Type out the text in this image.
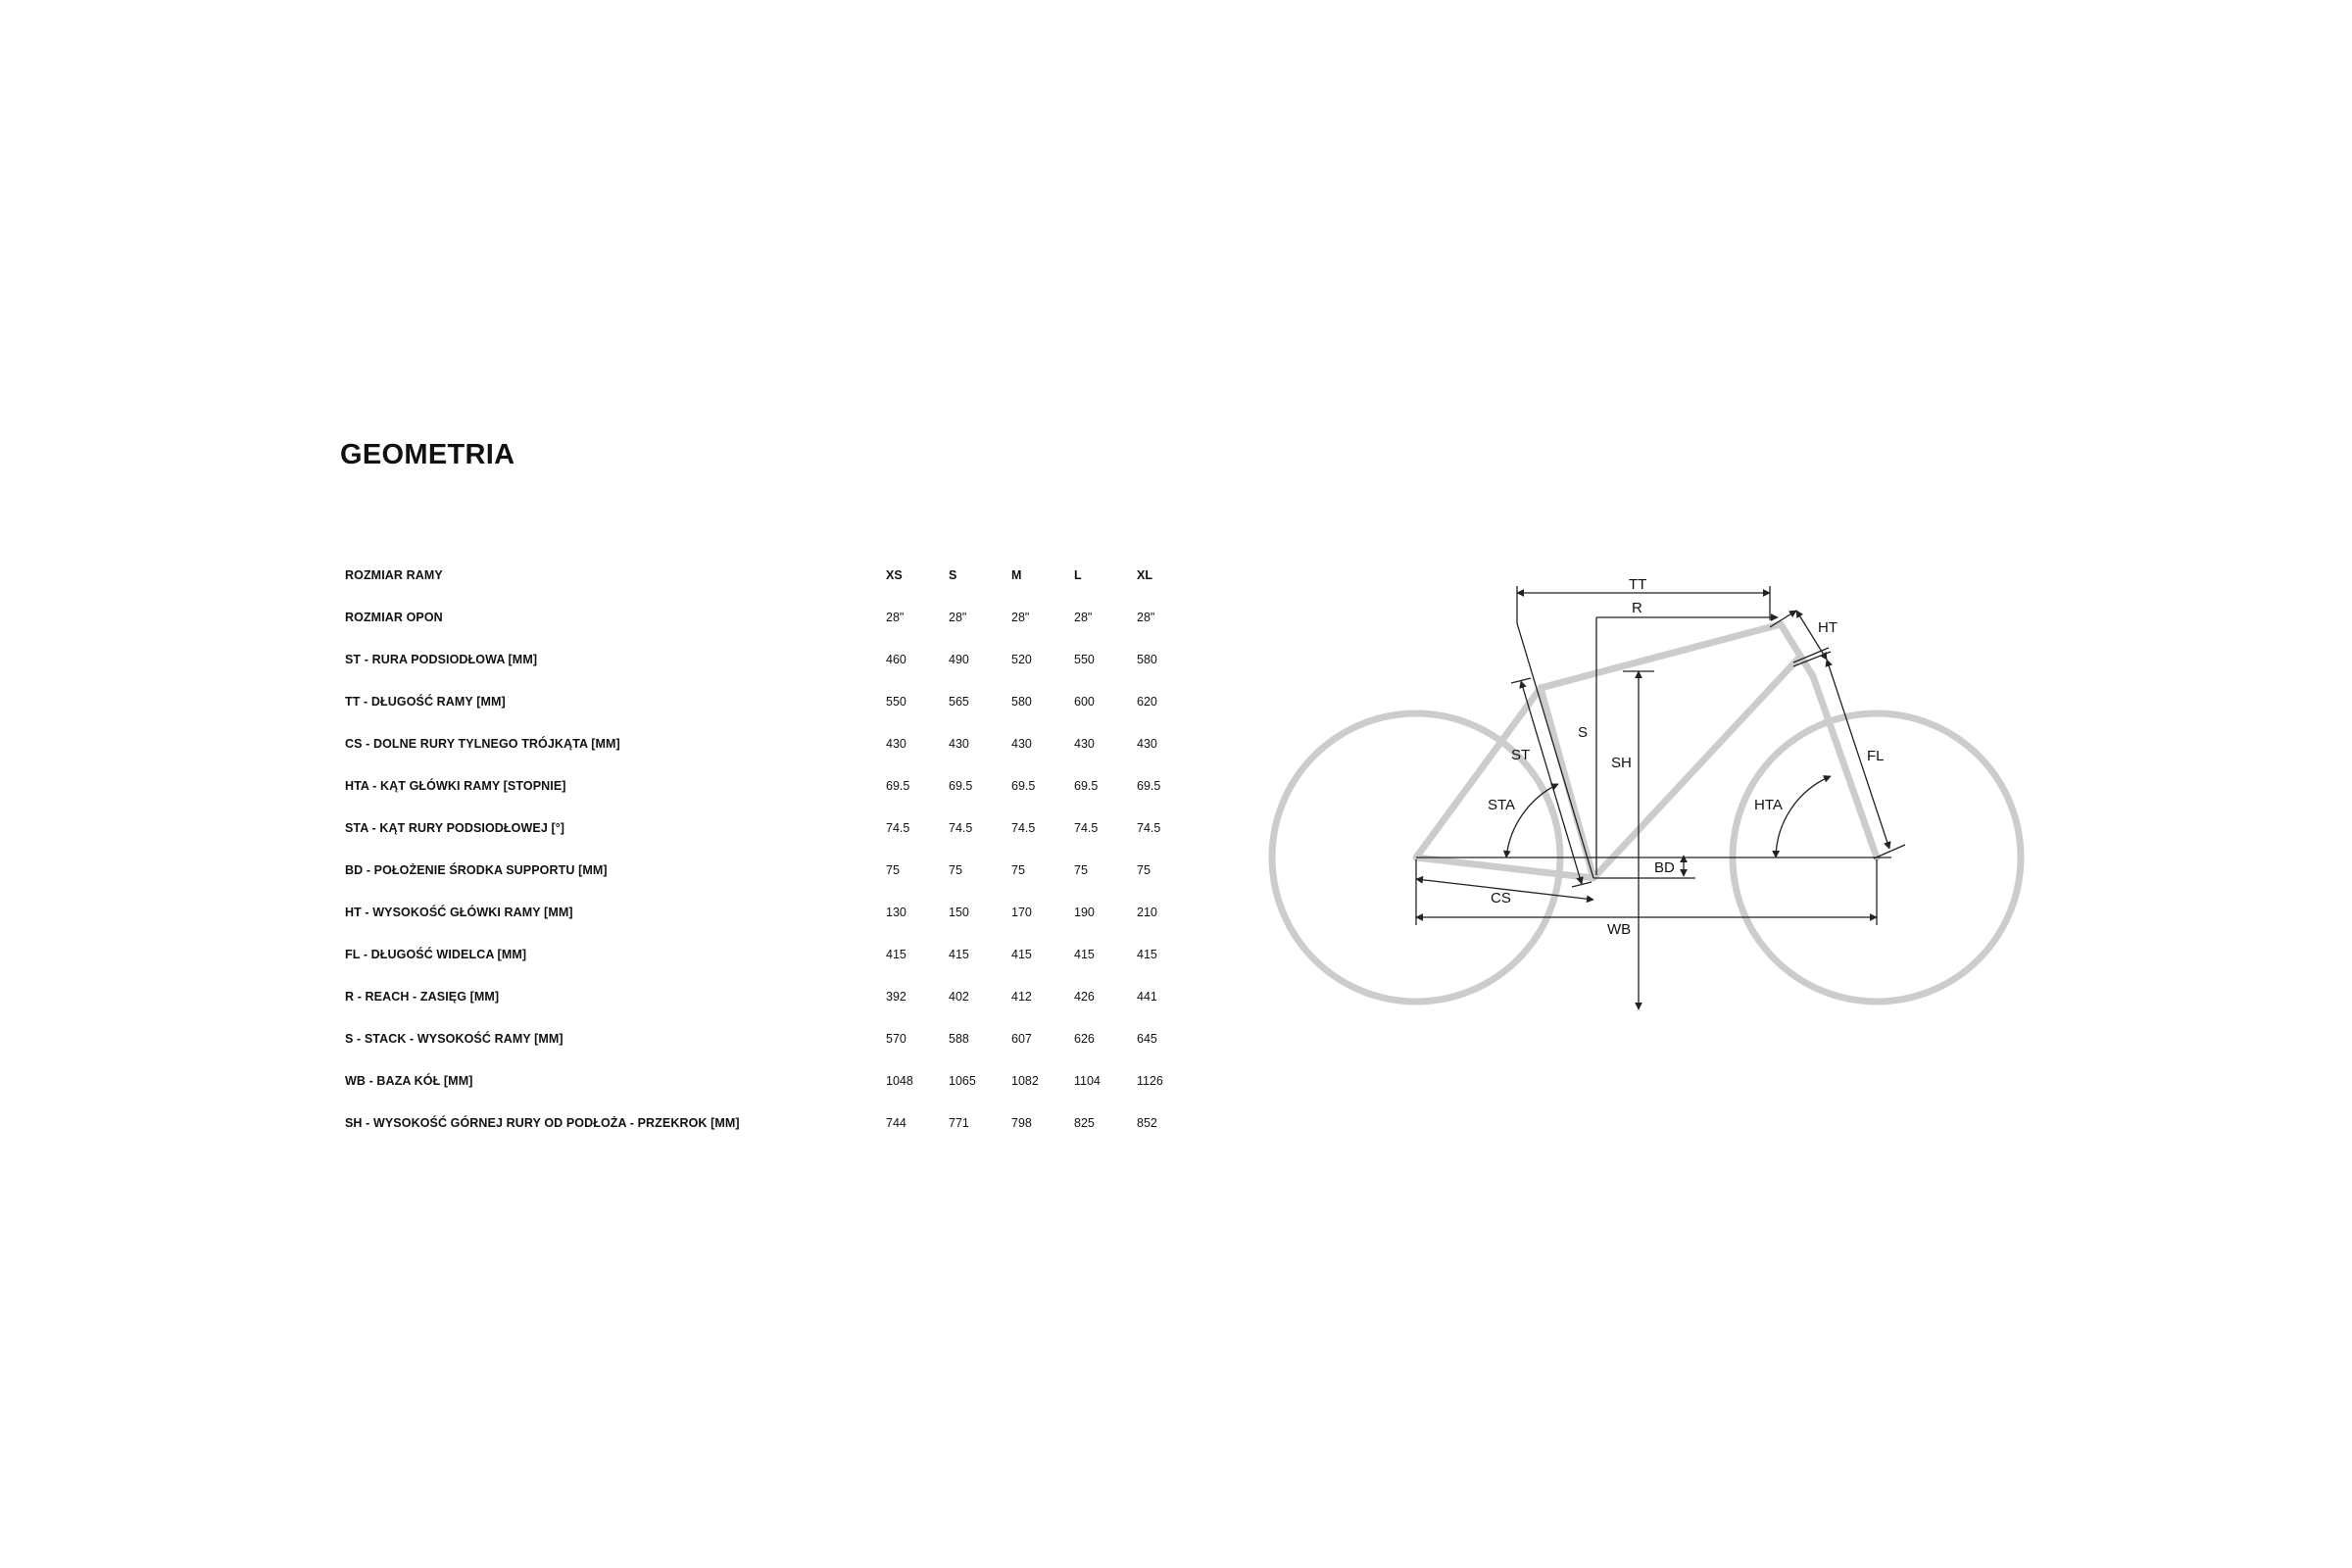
GEOMETRIA
ROZMIAR RAMY	XS	S	M	L	XL
ROZMIAR OPON	28"	28"	28"	28"	28"
ST - RURA PODSIODŁOWA [MM]	460	490	520	550	580
TT - DŁUGOŚĆ RAMY [MM]	550	565	580	600	620
CS - DOLNE RURY TYLNEGO TRÓJKĄTA [MM]	430	430	430	430	430
HTA - KĄT GŁÓWKI RAMY [STOPNIE]	69.5	69.5	69.5	69.5	69.5
STA - KĄT RURY PODSIODŁOWEJ [°]	74.5	74.5	74.5	74.5	74.5
BD - POŁOŻENIE ŚRODKA SUPPORTU [MM]	75	75	75	75	75
HT - WYSOKOŚĆ GŁÓWKI RAMY [MM]	130	150	170	190	210
FL - DŁUGOŚĆ WIDELCA [MM]	415	415	415	415	415
R - REACH - ZASIĘG [MM]	392	402	412	426	441
S - STACK - WYSOKOŚĆ RAMY [MM]	570	588	607	626	645
WB - BAZA KÓŁ [MM]	1048	1065	1082	1104	1126
SH - WYSOKOŚĆ GÓRNEJ RURY OD PODŁOŻA - PRZEKROK [MM]	744	771	798	825	852
TT
R
HT
ST
S
SH	FL
STA	HTA
BD
CS
WB
